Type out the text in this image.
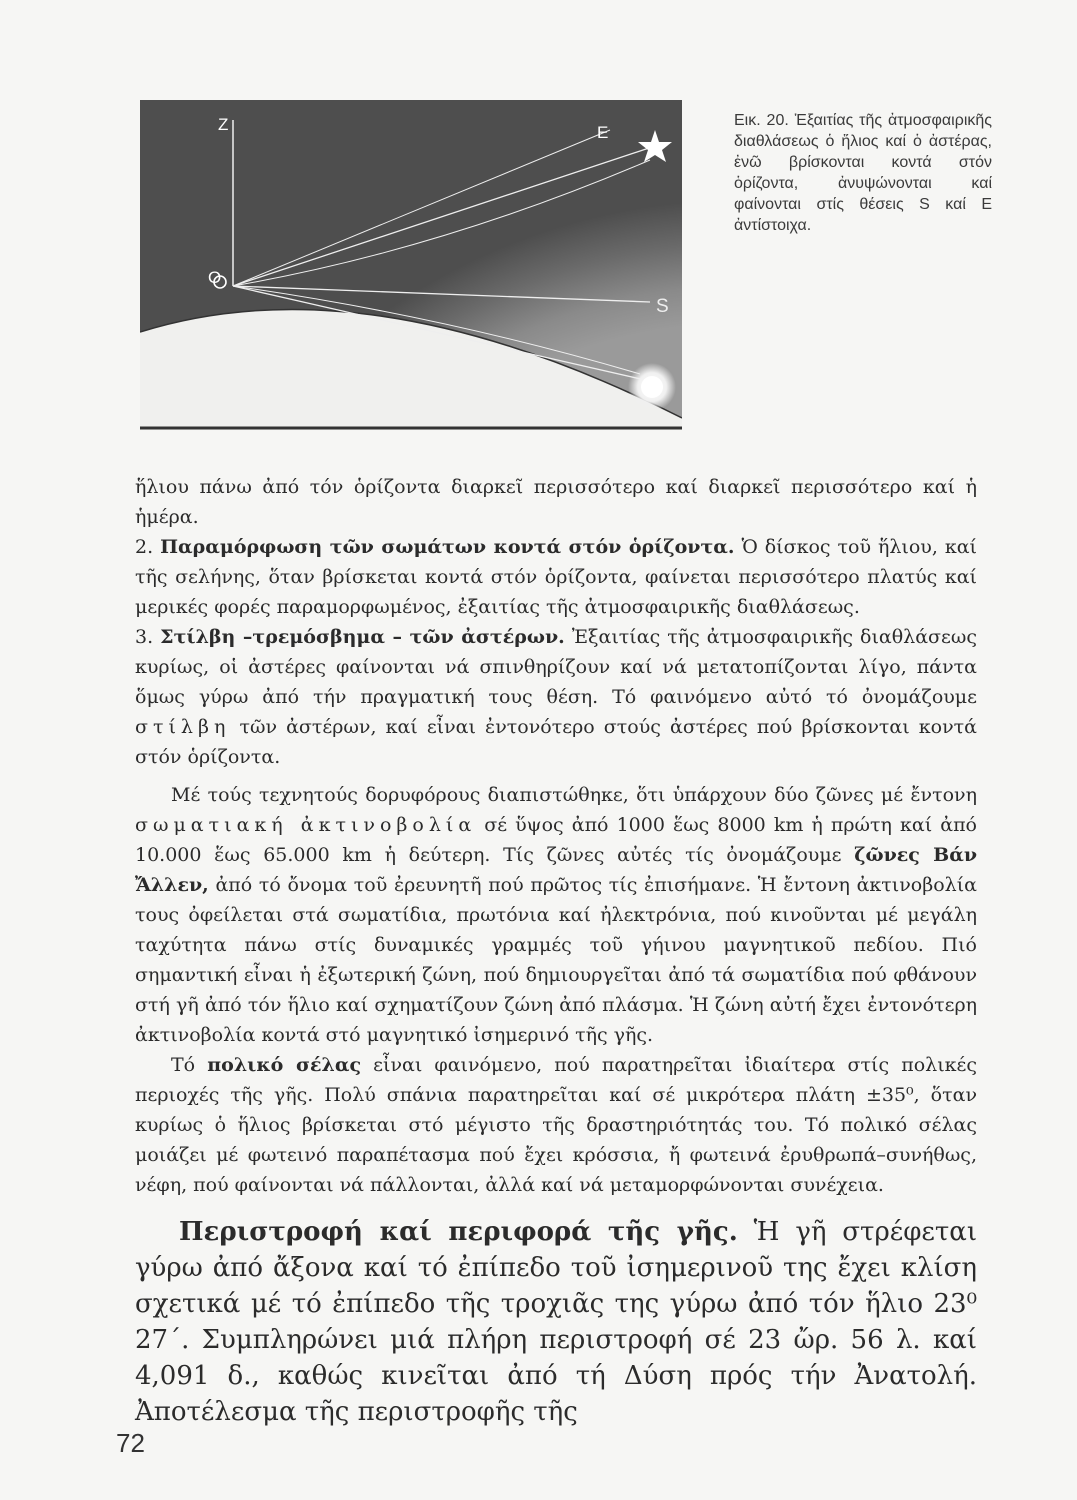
Z	E
O
S
Εικ. 20. Ἐξαιτίας τῆς ἀτμοσφαιρικῆς διαθλάσεως ὁ ἥλιος καί ὁ ἀστέρας, ἐνῶ βρίσκονται κοντά στόν ὁρίζοντα, ἀνυψώνονται καί φαίνονται στίς θέσεις S καί E ἀντίστοιχα.

ἥλιου πάνω ἀπό τόν ὁρίζοντα διαρκεῖ περισσότερο καί διαρκεῖ περισσότερο καί ἡ ἡμέρα.

2. Παραμόρφωση τῶν σωμάτων κοντά στόν ὁρίζοντα. Ὁ δίσκος τοῦ ἥλιου, καί τῆς σελήνης, ὅταν βρίσκεται κοντά στόν ὁρίζοντα, φαίνεται περισσότερο πλατύς καί μερικές φορές παραμορφωμένος, ἐξαιτίας τῆς ἀτμοσφαιρικῆς διαθλάσεως.

3. Στίλβη –τρεμόσβημα – τῶν ἀστέρων. Ἐξαιτίας τῆς ἀτμοσφαιρικῆς διαθλάσεως κυρίως, οἱ ἀστέρες φαίνονται νά σπινθηρίζουν καί νά μετατοπίζονται λίγο, πάντα ὅμως γύρω ἀπό τήν πραγματική τους θέση. Τό φαινόμενο αὐτό τό ὀνομάζουμε στίλβη τῶν ἀστέρων, καί εἶναι ἐντονότερο στούς ἀστέρες πού βρίσκονται κοντά στόν ὁρίζοντα.

Μέ τούς τεχνητούς δορυφόρους διαπιστώθηκε, ὅτι ὑπάρχουν δύο ζῶνες μέ ἔντονη σωματιακή ἀκτινοβολία σέ ὕψος ἀπό 1000 ἕως 8000 km ἡ πρώτη καί ἀπό 10.000 ἕως 65.000 km ἡ δεύτερη. Τίς ζῶνες αὐτές τίς ὀνομάζουμε ζῶνες Βάν Ἄλλεν, ἀπό τό ὄνομα τοῦ ἐρευνητῆ πού πρῶτος τίς ἐπισήμανε. Ἡ ἔντονη ἀκτινοβολία τους ὀφείλεται στά σωματίδια, πρωτόνια καί ἠλεκτρόνια, πού κινοῦνται μέ μεγάλη ταχύτητα πάνω στίς δυναμικές γραμμές τοῦ γήινου μαγνητικοῦ πεδίου. Πιό σημαντική εἶναι ἡ ἐξωτερική ζώνη, πού δημιουργεῖται ἀπό τά σωματίδια πού φθάνουν στή γῆ ἀπό τόν ἥλιο καί σχηματίζουν ζώνη ἀπό πλάσμα. Ἡ ζώνη αὐτή ἔχει ἐντονότερη ἀκτινοβολία κοντά στό μαγνητικό ἰσημερινό τῆς γῆς.

Τό πολικό σέλας εἶναι φαινόμενο, πού παρατηρεῖται ἰδιαίτερα στίς πολικές περιοχές τῆς γῆς. Πολύ σπάνια παρατηρεῖται καί σέ μικρότερα πλάτη ±35⁰, ὅταν κυρίως ὁ ἥλιος βρίσκεται στό μέγιστο τῆς δραστηριότητάς του. Τό πολικό σέλας μοιάζει μέ φωτεινό παραπέτασμα πού ἔχει κρόσσια, ἤ φωτεινά ἐρυθρωπά–συνήθως, νέφη, πού φαίνονται νά πάλλονται, ἀλλά καί νά μεταμορφώνονται συνέχεια.

Περιστροφή καί περιφορά τῆς γῆς. Ἡ γῆ στρέφεται γύρω ἀπό ἄξονα καί τό ἐπίπεδο τοῦ ἰσημερινοῦ της ἔχει κλίση σχετικά μέ τό ἐπίπεδο τῆς τροχιᾶς της γύρω ἀπό τόν ἥλιο 23⁰ 27΄. Συμπληρώνει μιά πλήρη περιστροφή σέ 23 ὤρ. 56 λ. καί 4,091 δ., καθώς κινεῖται ἀπό τή Δύση πρός τήν Ἀνατολή. Ἀποτέλεσμα τῆς περιστροφῆς τῆς

72
